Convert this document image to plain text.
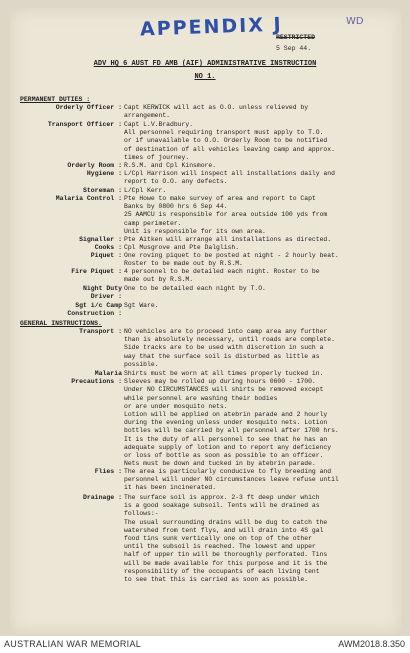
APPENDIX J	WD
RESTRICTED
5 Sep 44.
ADV HQ 6 AUST FD AMB (AIF) ADMINISTRATIVE INSTRUCTION
NO 1.
PERMANENT DUTIES :
Orderly Officer : Capt KERWICK will act as O.O. unless relieved by
arrangement.
Transport Officer : Capt L.V.Bradbury.
All personnel requiring transport must apply to T.O.
or if unavailable to O.O. Orderly Room to be notified
of destination of all vehicles leaving camp and approx.
times of journey.
Orderly Room : R.S.M. and Cpl Kinsmore.
Hygiene : L/Cpl Harrison will inspect all installations daily and
report to O.O. any defects.
Storeman : L/Cpl Kerr.
Malaria Control : Pte Howe to make survey of area and report to Capt
Banks by 0800 hrs 6 Sep 44.
25 AAMCU is responsible for area outside 100 yds from
camp perimeter.
Unit is responsible for its own area.
Signaller : Pte Aitken will arrange all installations as directed.
Cooks : Cpl Musgrove and Pte Dalglish.
Piquet : One roving piquet to be posted at night - 2 hourly beat.
Roster to be made out by R.S.M.
Fire Piquet : 4 personnel to be detailed each night. Roster to be
made out by R.S.M.
Night Duty
Driver :
One to be detailed each night by T.O.
Sgt i/c Camp
Construction :
Sgt Ware.
GENERAL INSTRUCTIONS.
Transport : NO vehicles are to proceed into camp area any further
than is absolutely necessary, until roads are complete.
Side tracks are to be used with discretion in such a
way that the surface soil is disturbed as little as
possible.
Malaria
Precautions :
Shirts must be worn at all times properly tucked in.
Sleeves may be rolled up during hours 0600 - 1700.
Under NO CIRCUMSTANCES will shirts be removed except
while personnel are washing their bodies
or are under mosquito nets.
Lotion will be applied on atebrin parade and 2 hourly
during the evening unless under mosquito nets. Lotion
bottles will be carried by all personnel after 1700 hrs.
It is the duty of all personnel to see that he has an
adequate supply of lotion and to report any deficiency
or loss of bottle as soon as possible to an officer.
Nets must be down and tucked in by atebrin parade.
Flies : The area is particularly conducive to fly breeding and
personnel will under NO circumstances leave refuse until
it has been incinerated.
Drainage : The surface soil is approx. 2-3 ft deep under which
is a good soakage subsoil. Tents will be drained as
follows:-
The usual surrounding drains will be dug to catch the
watershed from tent flys, and will drain into 4S gal
food tins sunk vertically one on top of the other
until the subsoil is reached. The lowest and upper
half of upper tin will be thoroughly perforated. Tins
will be made available for this purpose and it is the
responsibility of the occupants of each living tent
to see that this is carried as soon as possible.
AUSTRALIAN WAR MEMORIAL	AWM2018.8.350
